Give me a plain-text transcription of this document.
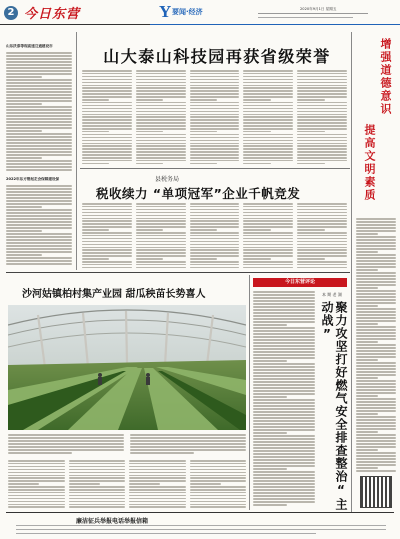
2 今日东营	Y 要闻·经济	2020年9月1日 星期五
山东沃泰等现高速互通建设市
2022年东方帮起走会保障建设保
山大泰山科技园再获省级荣誉	增强道德意识
提高文明素质
县税务局
税收续力 “单项冠军”企业千帆竞发
沙河姑镇柏村集产业园 甜瓜秧苗长势喜人
今日东营评论
本 期 老 湖
聚力攻坚打好燃气安全排查整治“主动战”
廉洁征兵举报电话举报信箱
